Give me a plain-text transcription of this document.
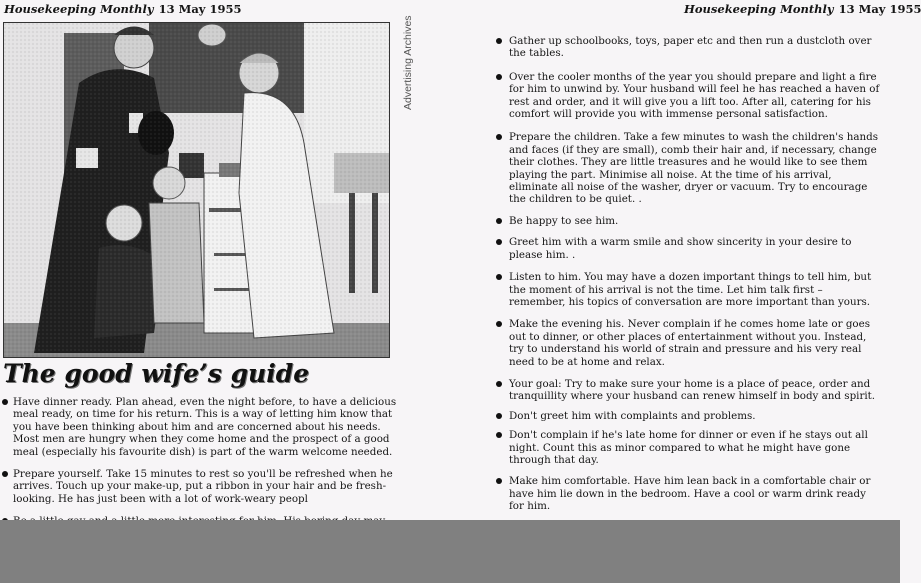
Housekeeping Monthly 13 May 1955	Housekeeping Monthly 13 May 1955
Advertising Archives
The good wife’s guide
Have dinner ready. Plan ahead, even the night before, to have a delicious meal ready, on time for his return. This is a way of letting him know that you have been thinking about him and are concerned about his needs. Most men are hungry when they come home and the prospect of a good meal (especially his favourite dish) is part of the warm welcome needed.
Prepare yourself. Take 15 minutes to rest so you'll be refreshed when he arrives. Touch up your make-up, put a ribbon in your hair and be fresh-looking. He has just been with a lot of work-weary peopl
Gather up schoolbooks, toys, paper etc and then run a dustcloth over the tables.
Over the cooler months of the year you should prepare and light a fire for him to unwind by. Your husband will feel he has reached a haven of rest and order, and it will give you a lift too. After all, catering for his comfort will provide you with immense personal satisfaction.
Prepare the children. Take a few minutes to wash the children's hands and faces (if they are small), comb their hair and, if necessary, change their clothes. They are little treasures and he would like to see them playing the part. Minimise all noise. At the time of his arrival, eliminate all noise of the washer, dryer or vacuum. Try to encourage the children to be quiet. .
Be happy to see him.
Greet him with a warm smile and show sincerity in your desire to please him. .
Listen to him. You may have a dozen important things to tell him, but the moment of his arrival is not the time. Let him talk first – remember, his topics of conversation are more important than yours.
Make the evening his. Never complain if he comes home late or goes out to dinner, or other places of entertainment without you. Instead, try to understand his world of strain and pressure and his very real need to be at home and relax.
Your goal: Try to make sure your home is a place of peace, order and tranquillity where your husband can renew himself in body and spirit.
Don't greet him with complaints and problems.
Don't complain if he's late home for dinner or even if he stays out all night. Count this as minor compared to what he might have gone through that day.
Make him comfortable. Have him lean back in a comfortable chair or have him lie down in the bedroom. Have a cool or warm drink ready for him.
